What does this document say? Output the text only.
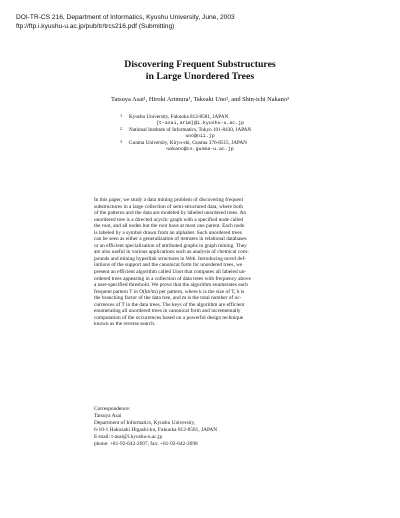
DOI-TR-CS 216, Department of Informatics, Kyushu University, June, 2003
ftp://ftp.i.kyushu-u.ac.jp/pub/tr/trcs216.pdf (Submitting)
Discovering Frequent Substructures
in Large Unordered Trees
Tatsuya Asai¹, Hiroki Arimura¹, Takeaki Uno², and Shin-ichi Nakano³
1	Kyushu University, Fukuoka 812-8581, JAPAN
{t-asai,arim}@i.kyushu-u.ac.jp
2	National Institute of Informatics, Tokyo 101-8430, JAPAN
uno@nii.jp
3	Gunma University, Kiryu-shi, Gunma 376-8515, JAPAN
nakano@cs.gunma-u.ac.jp
In this paper, we study a data mining problem of discovering frequent
substructures in a large collection of semi-structured data, where both
of the patterns and the data are modeled by labeled unordered trees. An
unordered tree is a directed acyclic graph with a specified node called
the root, and all nodes but the root have at most one parent. Each node
is labeled by a symbol drawn from an alphabet. Such unordered trees
can be seen as either a generalization of itemsets in relational databases
or an efficient specialization of attributed graphs in graph mining. They
are also useful in various applications such as analysis of chemical com-
pounds and mining hyperlink structures in Web. Introducing novel def-
initions of the support and the canonical form for unordered trees, we
present an efficient algorithm called Unot that computes all labeled un-
ordered trees appearing in a collection of data trees with frequency above
a user-specified threshold. We prove that the algorithm enumerates each
frequent pattern T in O(kb²m) per pattern, where k is the size of T, b is
the branching factor of the data tree, and m is the total number of oc-
currences of T in the data trees. The keys of the algorithm are efficient
enumerating all unordered trees in canonical form and incrementally
computation of the occurrences based on a powerful design technique
known as the reverse search.
Correspondence:
Tatsuya Asai
Department of Informatics, Kyushu University,
6-10-1 Hakozaki Higashi-ku, Fukuoka 812-8581, JAPAN
E-mail: t-asai@i.kyushu-u.ac.jp
phone: +81-92-642-2697, fax: +81-92-642-2698
